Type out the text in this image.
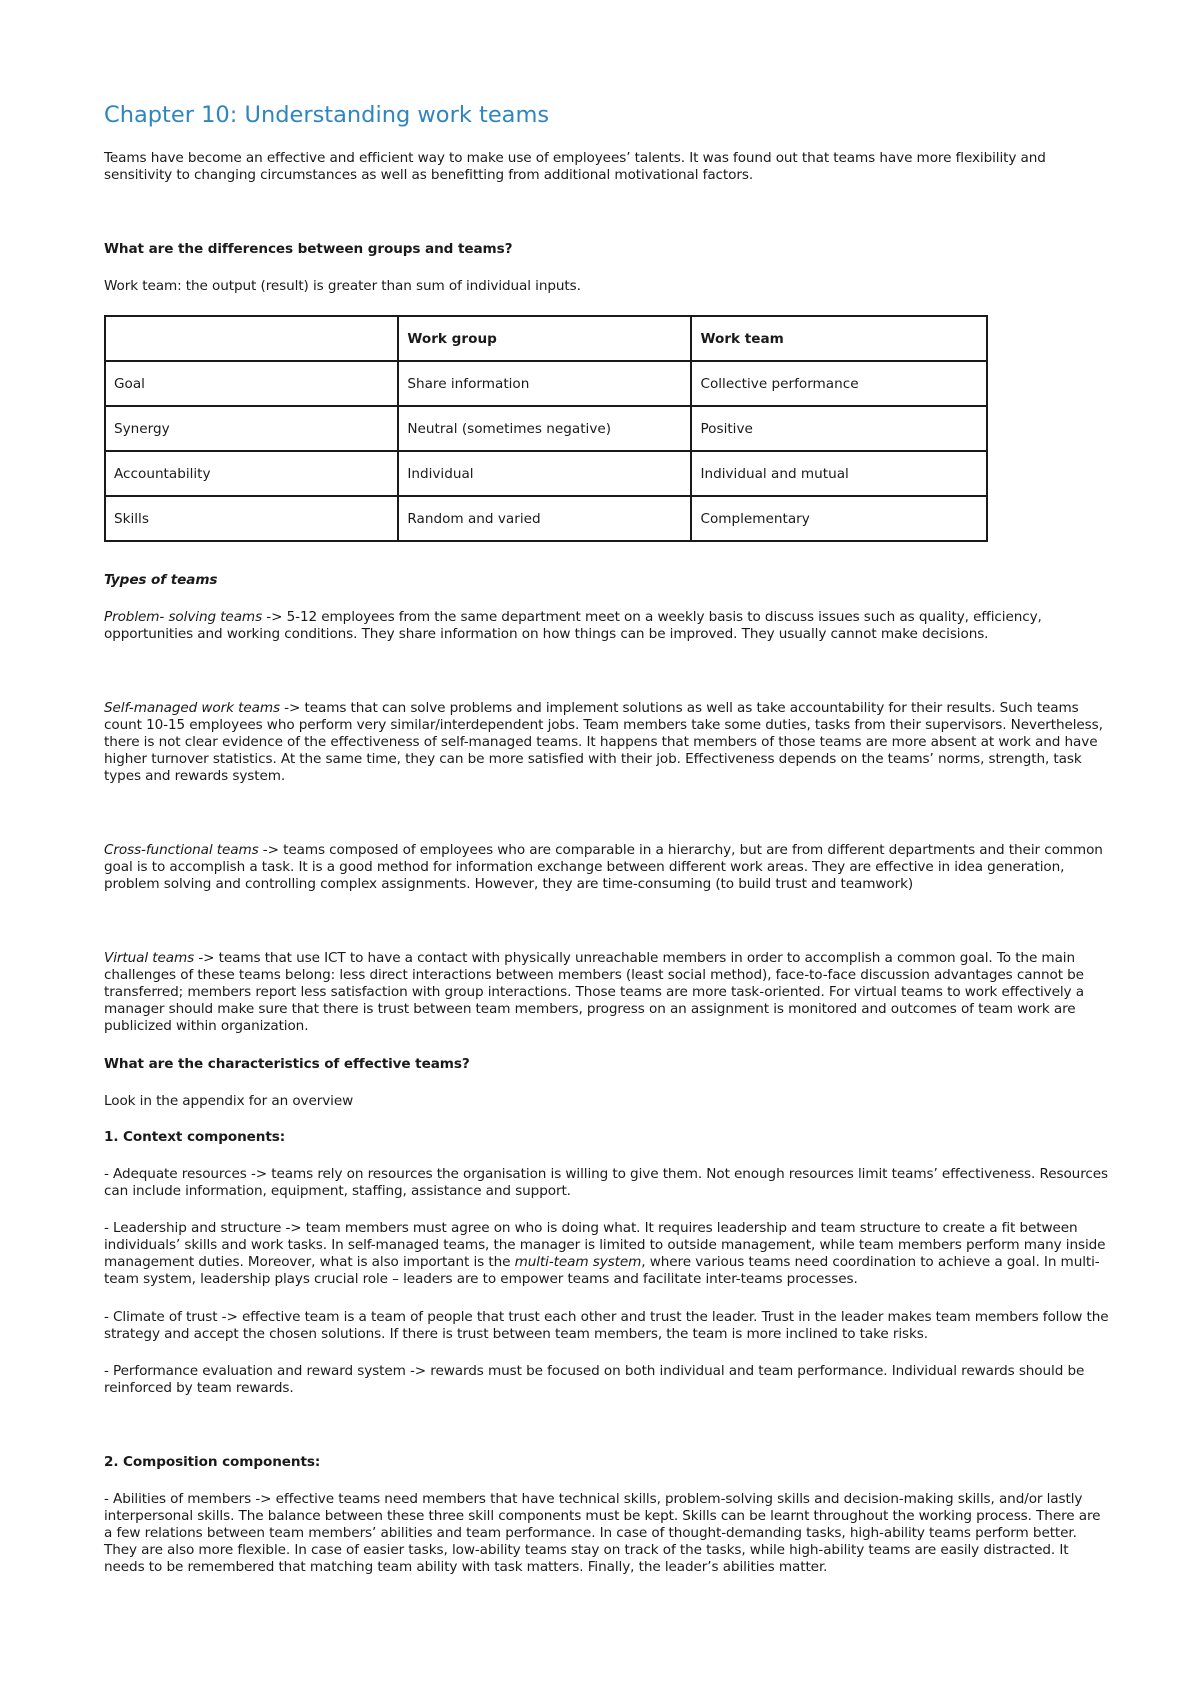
Chapter 10: Understanding work teams

Teams have become an effective and efficient way to make use of employees’ talents. It was found out that teams have more flexibility and sensitivity to changing circumstances as well as benefitting from additional motivational factors.

What are the differences between groups and teams?

Work team: the output (result) is greater than sum of individual inputs.

	Work group	Work team
Goal	Share information	Collective performance
Synergy	Neutral (sometimes negative)	Positive
Accountability	Individual	Individual and mutual
Skills	Random and varied	Complementary

Types of teams

Problem- solving teams -> 5-12 employees from the same department meet on a weekly basis to discuss issues such as quality, efficiency, opportunities and working conditions. They share information on how things can be improved. They usually cannot make decisions.

Self-managed work teams -> teams that can solve problems and implement solutions as well as take accountability for their results. Such teams count 10-15 employees who perform very similar/interdependent jobs. Team members take some duties, tasks from their supervisors. Nevertheless, there is not clear evidence of the effectiveness of self-managed teams. It happens that members of those teams are more absent at work and have higher turnover statistics. At the same time, they can be more satisfied with their job. Effectiveness depends on the teams’ norms, strength, task types and rewards system.

Cross-functional teams -> teams composed of employees who are comparable in a hierarchy, but are from different departments and their common goal is to accomplish a task. It is a good method for information exchange between different work areas. They are effective in idea generation, problem solving and controlling complex assignments. However, they are time-consuming (to build trust and teamwork)

Virtual teams -> teams that use ICT to have a contact with physically unreachable members in order to accomplish a common goal. To the main challenges of these teams belong: less direct interactions between members (least social method), face-to-face discussion advantages cannot be transferred; members report less satisfaction with group interactions. Those teams are more task-oriented. For virtual teams to work effectively a manager should make sure that there is trust between team members, progress on an assignment is monitored and outcomes of team work are publicized within organization.

What are the characteristics of effective teams?

Look in the appendix for an overview

1. Context components:

- Adequate resources -> teams rely on resources the organisation is willing to give them. Not enough resources limit teams’ effectiveness. Resources can include information, equipment, staffing, assistance and support.

- Leadership and structure -> team members must agree on who is doing what. It requires leadership and team structure to create a fit between individuals’ skills and work tasks. In self-managed teams, the manager is limited to outside management, while team members perform many inside management duties. Moreover, what is also important is the multi-team system, where various teams need coordination to achieve a goal. In multi-team system, leadership plays crucial role – leaders are to empower teams and facilitate inter-teams processes.

- Climate of trust -> effective team is a team of people that trust each other and trust the leader. Trust in the leader makes team members follow the strategy and accept the chosen solutions. If there is trust between team members, the team is more inclined to take risks.

- Performance evaluation and reward system -> rewards must be focused on both individual and team performance. Individual rewards should be reinforced by team rewards.

2. Composition components:

- Abilities of members -> effective teams need members that have technical skills, problem-solving skills and decision-making skills, and/or lastly interpersonal skills. The balance between these three skill components must be kept. Skills can be learnt throughout the working process. There are a few relations between team members’ abilities and team performance. In case of thought-demanding tasks, high-ability teams perform better. They are also more flexible. In case of easier tasks, low-ability teams stay on track of the tasks, while high-ability teams are easily distracted. It needs to be remembered that matching team ability with task matters. Finally, the leader’s abilities matter.
